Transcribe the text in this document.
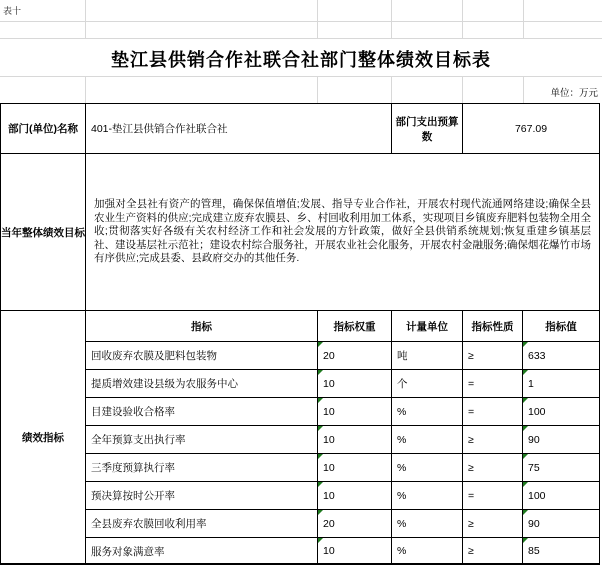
表十
垫江县供销合作社联合社部门整体绩效目标表
单位：万元
部门(单位)名称 401-垫江县供销合作社联合社
部门支出预算数
767.09
当年整体绩效目标
加强对全县社有资产的管理，确保保值增值;发展、指导专业合作社，开展农村现代流通网络建设;确保全县农业生产资料的供应;完成建立废弃农膜县、乡、村回收利用加工体系，实现项目乡镇废弃肥料包装物全用全收;贯彻落实好各级有关农村经济工作和社会发展的方针政策，做好全县供销系统规划;恢复重建乡镇基层社、建设基层社示范社；建设农村综合服务社，开展农业社会化服务，开展农村金融服务;确保烟花爆竹市场有序供应;完成县委、县政府交办的其他任务.
绩效指标
指标	指标权重	计量单位 指标性质	指标值
回收废弃农膜及肥料包装物	20	吨	≥	633
提质增效建设县级为农服务中心	10	个	=	1
目建设验收合格率	10	%	=	100
全年预算支出执行率	10	%	≥	90
三季度预算执行率	10	%	≥	75
预决算按时公开率	10	%	=	100
全县废弃农膜回收利用率	20	%	≥	90
服务对象满意率	10	%	≥	85
